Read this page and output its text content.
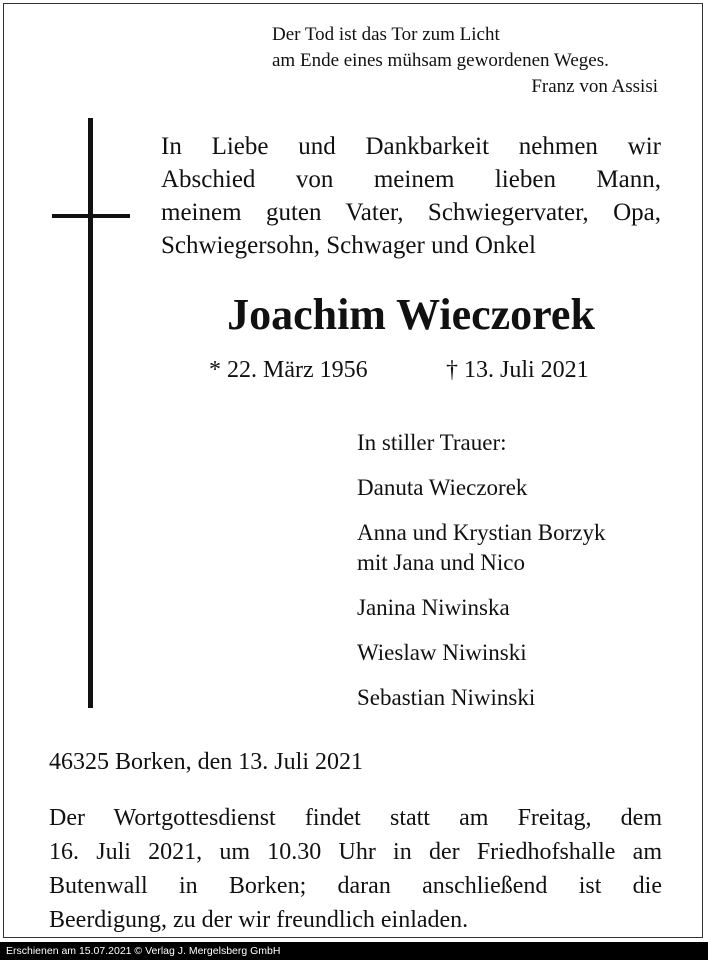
Der Tod ist das Tor zum Licht
am Ende eines mühsam gewordenen Weges.
Franz von Assisi
In Liebe und Dankbarkeit nehmen wir
Abschied von meinem lieben Mann,
meinem guten Vater, Schwiegervater, Opa,
Schwiegersohn, Schwager und Onkel
Joachim Wieczorek
* 22. März 1956	† 13. Juli 2021
In stiller Trauer:
Danuta Wieczorek
Anna und Krystian Borzyk
mit Jana und Nico
Janina Niwinska
Wieslaw Niwinski
Sebastian Niwinski
46325 Borken, den 13. Juli 2021
Der Wortgottesdienst findet statt am Freitag, dem
16. Juli 2021, um 10.30 Uhr in der Friedhofshalle am
Butenwall in Borken; daran anschließend ist die
Beerdigung, zu der wir freundlich einladen.
Erschienen am 15.07.2021 © Verlag J. Mergelsberg GmbH
